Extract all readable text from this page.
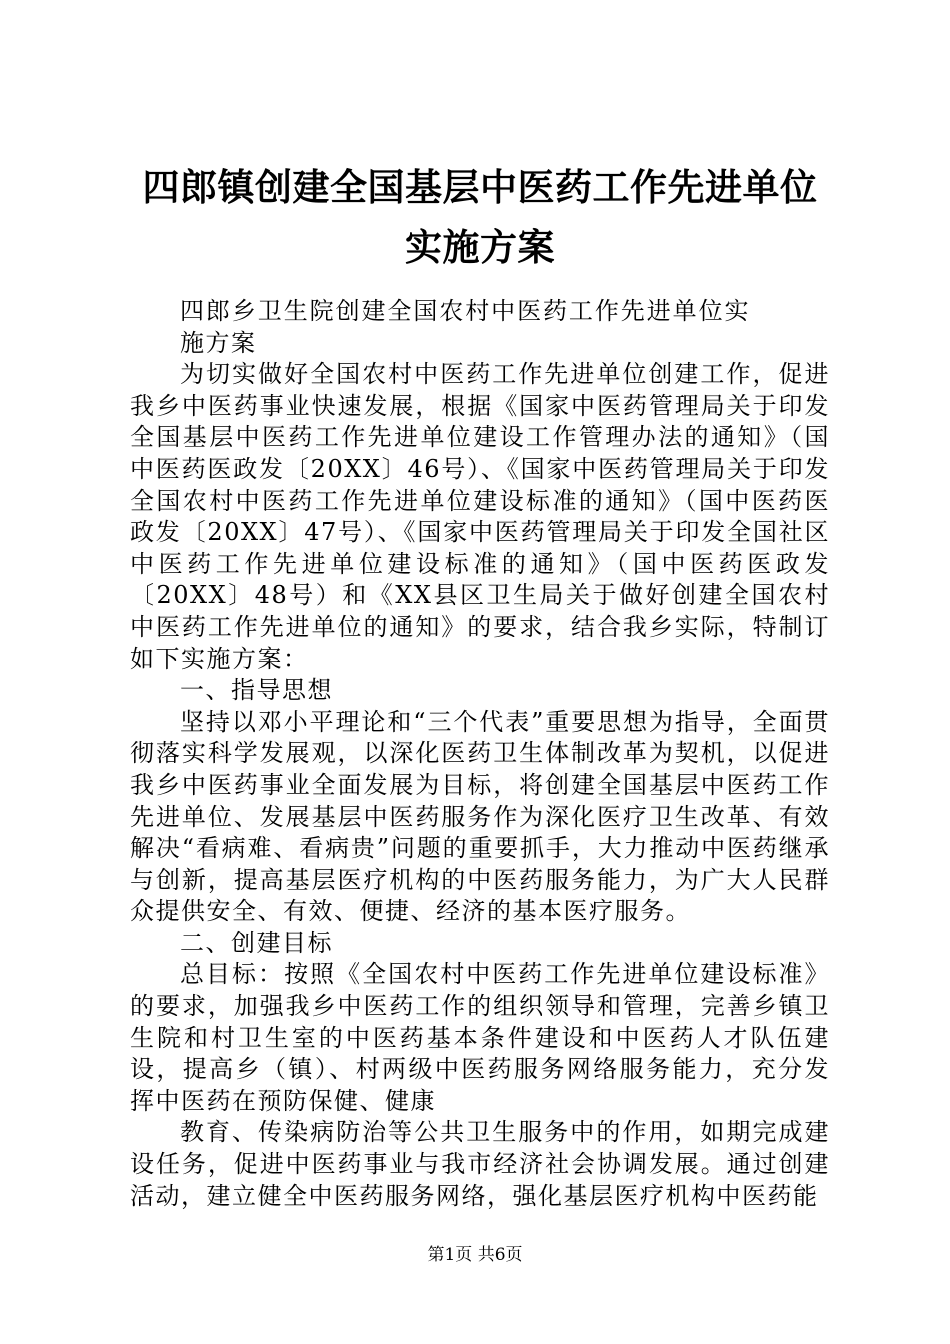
四郎镇创建全国基层中医药工作先进单位实施方案

四郎乡卫生院创建全国农村中医药工作先进单位实施方案

为切实做好全国农村中医药工作先进单位创建工作，促进我乡中医药事业快速发展，根据《国家中医药管理局关于印发全国基层中医药工作先进单位建设工作管理办法的通知》（国中医药医政发〔20XX〕46号）、《国家中医药管理局关于印发全国农村中医药工作先进单位建设标准的通知》（国中医药医政发〔20XX〕47号）、《国家中医药管理局关于印发全国社区中医药工作先进单位建设标准的通知》（国中医药医政发〔20XX〕48号）和《XX县区卫生局关于做好创建全国农村中医药工作先进单位的通知》的要求，结合我乡实际，特制订如下实施方案：

一、指导思想

坚持以邓小平理论和“三个代表”重要思想为指导，全面贯彻落实科学发展观，以深化医药卫生体制改革为契机，以促进我乡中医药事业全面发展为目标，将创建全国基层中医药工作先进单位、发展基层中医药服务作为深化医疗卫生改革、有效解决“看病难、看病贵”问题的重要抓手，大力推动中医药继承与创新，提高基层医疗机构的中医药服务能力，为广大人民群众提供安全、有效、便捷、经济的基本医疗服务。

二、创建目标

总目标：按照《全国农村中医药工作先进单位建设标准》的要求，加强我乡中医药工作的组织领导和管理，完善乡镇卫生院和村卫生室的中医药基本条件建设和中医药人才队伍建设，提高乡（镇）、村两级中医药服务网络服务能力，充分发挥中医药在预防保健、健康

教育、传染病防治等公共卫生服务中的作用，如期完成建设任务，促进中医药事业与我市经济社会协调发展。通过创建活动，建立健全中医药服务网络，强化基层医疗机构中医药能

第1页 共6页
